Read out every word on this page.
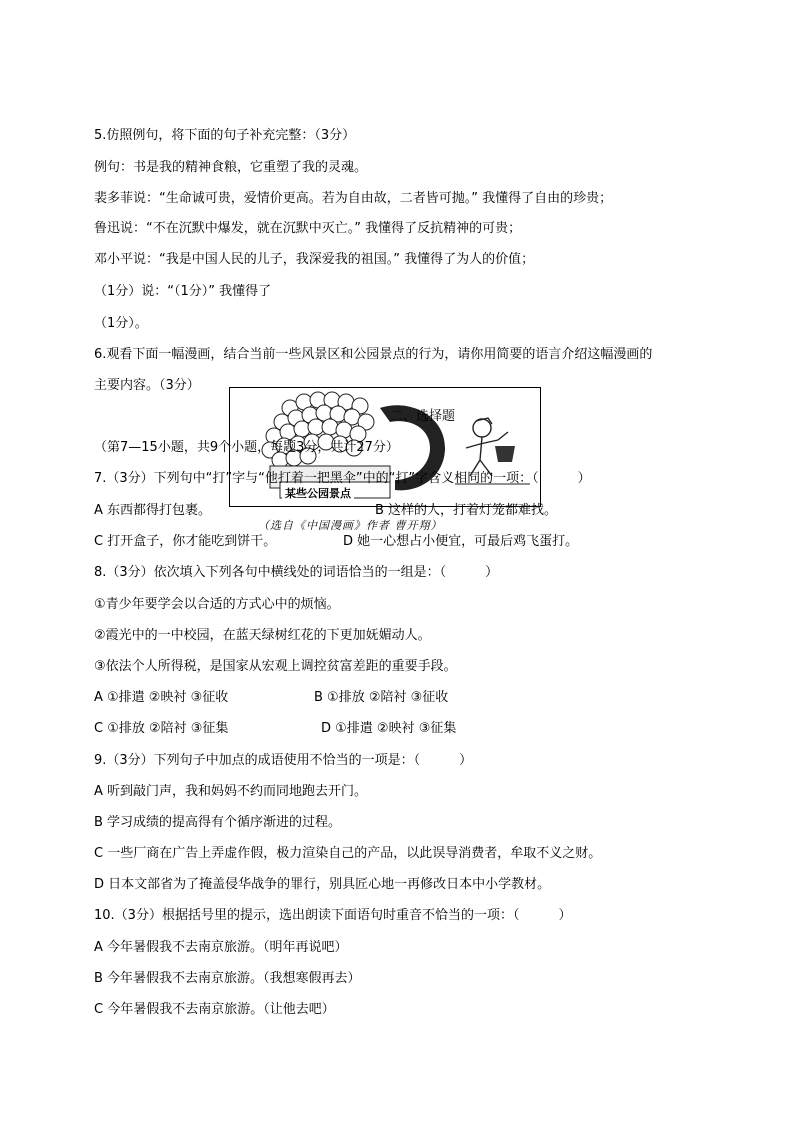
5.仿照例句，将下面的句子补充完整：（3分）
例句：书是我的精神食粮，它重塑了我的灵魂。
裴多菲说：“生命诚可贵，爱情价更高。若为自由故，二者皆可抛。” 我懂得了自由的珍贵；
鲁迅说：“不在沉默中爆发，就在沉默中灭亡。” 我懂得了反抗精神的可贵；
邓小平说：“我是中国人民的儿子，我深爱我的祖国。” 我懂得了为人的价值；
（1分）说：“（1分）” 我懂得了
（1分）。
6.观看下面一幅漫画，结合当前一些风景区和公园景点的行为，请你用简要的语言介绍这幅漫画的
主要内容。（3分）
某些公园景点
（选自《中国漫画》作者 曹开翔）
二、选择题
（第7—15小题，共9个小题，每题3分，共计27分）
7.（3分）下列句中“打”字与“他打着一把黑伞”中的“打”字含义相同的一项：（　　　）
A 东西都得打包裹。	B 这样的人，打着灯笼都难找。
C 打开盒子，你才能吃到饼干。	D 她一心想占小便宜，可最后鸡飞蛋打。
8.（3分）依次填入下列各句中横线处的词语恰当的一组是：（　　　）
①青少年要学会以合适的方式心中的烦恼。
②霞光中的一中校园，在蓝天绿树红花的下更加妩媚动人。
③依法个人所得税，是国家从宏观上调控贫富差距的重要手段。
A ①排遣 ②映衬 ③征收	B ①排放 ②陪衬 ③征收
C ①排放 ②陪衬 ③征集	D ①排遣 ②映衬 ③征集
9.（3分）下列句子中加点的成语使用不恰当的一项是：（　　　）
A 听到敲门声，我和妈妈不约而同地跑去开门。
B 学习成绩的提高得有个循序渐进的过程。
C 一些厂商在广告上弄虚作假，极力渲染自己的产品，以此误导消费者，牟取不义之财。
D 日本文部省为了掩盖侵华战争的罪行，别具匠心地一再修改日本中小学教材。
10.（3分）根据括号里的提示，选出朗读下面语句时重音不恰当的一项：（　　　）
A 今年暑假我不去南京旅游。（明年再说吧）
B 今年暑假我不去南京旅游。（我想寒假再去）
C 今年暑假我不去南京旅游。（让他去吧）
